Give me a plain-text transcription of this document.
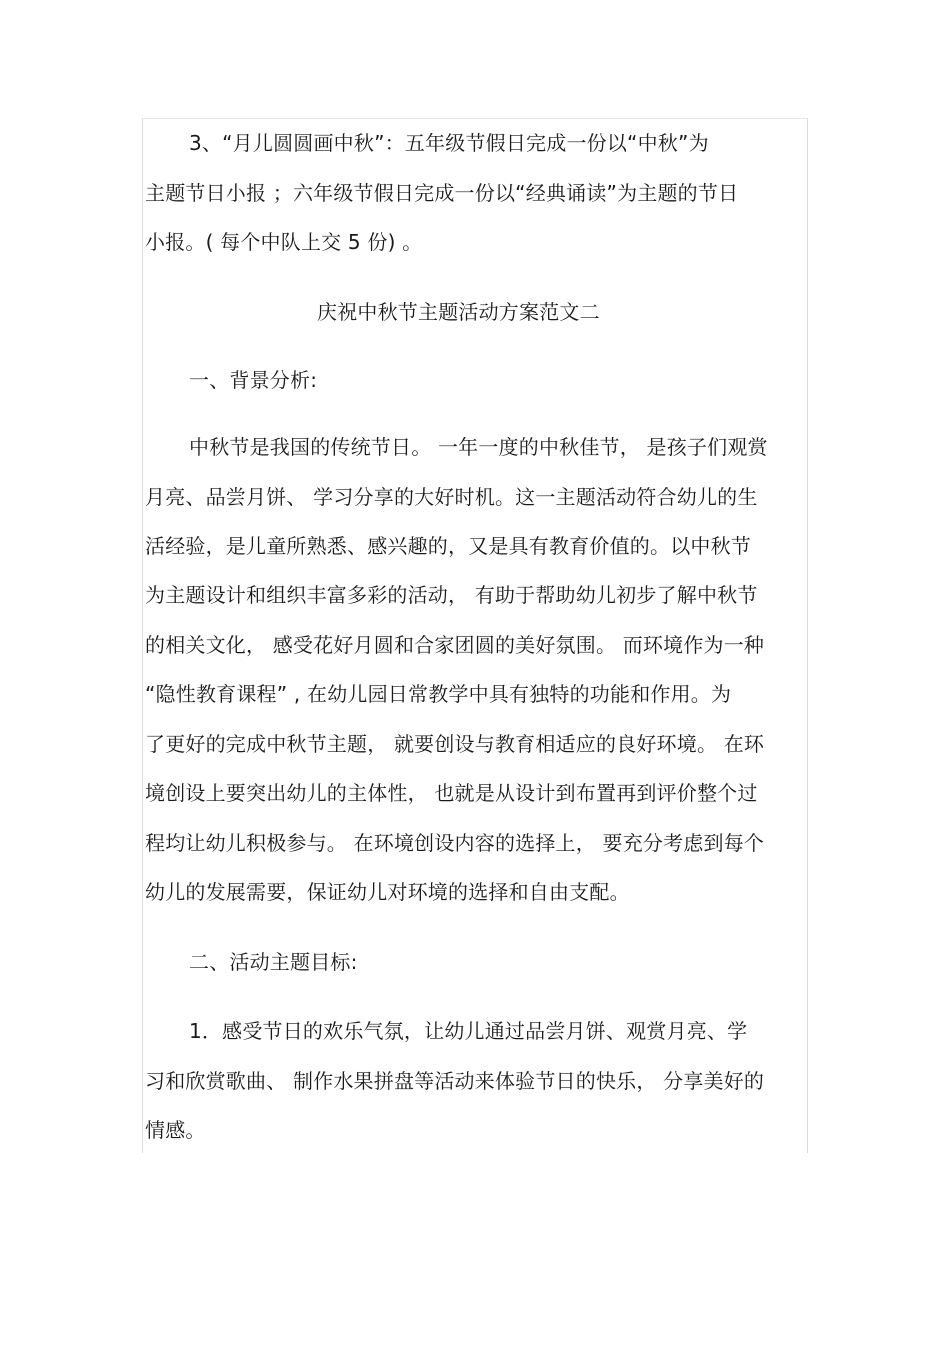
3、“月儿圆圆画中秋”：五年级节假日完成一份以“中秋”为
主题节日小报 ；六年级节假日完成一份以“经典诵读”为主题的节日
小报。( 每个中队上交 5 份) 。
庆祝中秋节主题活动方案范文二
一、背景分析:
中秋节是我国的传统节日。 一年一度的中秋佳节， 是孩子们观赏
月亮、品尝月饼、 学习分享的大好时机。这一主题活动符合幼儿的生
活经验，是儿童所熟悉、感兴趣的，又是具有教育价值的。以中秋节
为主题设计和组织丰富多彩的活动， 有助于帮助幼儿初步了解中秋节
的相关文化， 感受花好月圆和合家团圆的美好氛围。 而环境作为一种
“隐性教育课程” , 在幼儿园日常教学中具有独特的功能和作用。为
了更好的完成中秋节主题， 就要创设与教育相适应的良好环境。 在环
境创设上要突出幼儿的主体性， 也就是从设计到布置再到评价整个过
程均让幼儿积极参与。 在环境创设内容的选择上， 要充分考虑到每个
幼儿的发展需要，保证幼儿对环境的选择和自由支配。
二、活动主题目标:
1．感受节日的欢乐气氛，让幼儿通过品尝月饼、观赏月亮、学
习和欣赏歌曲、 制作水果拼盘等活动来体验节日的快乐， 分享美好的
情感。
